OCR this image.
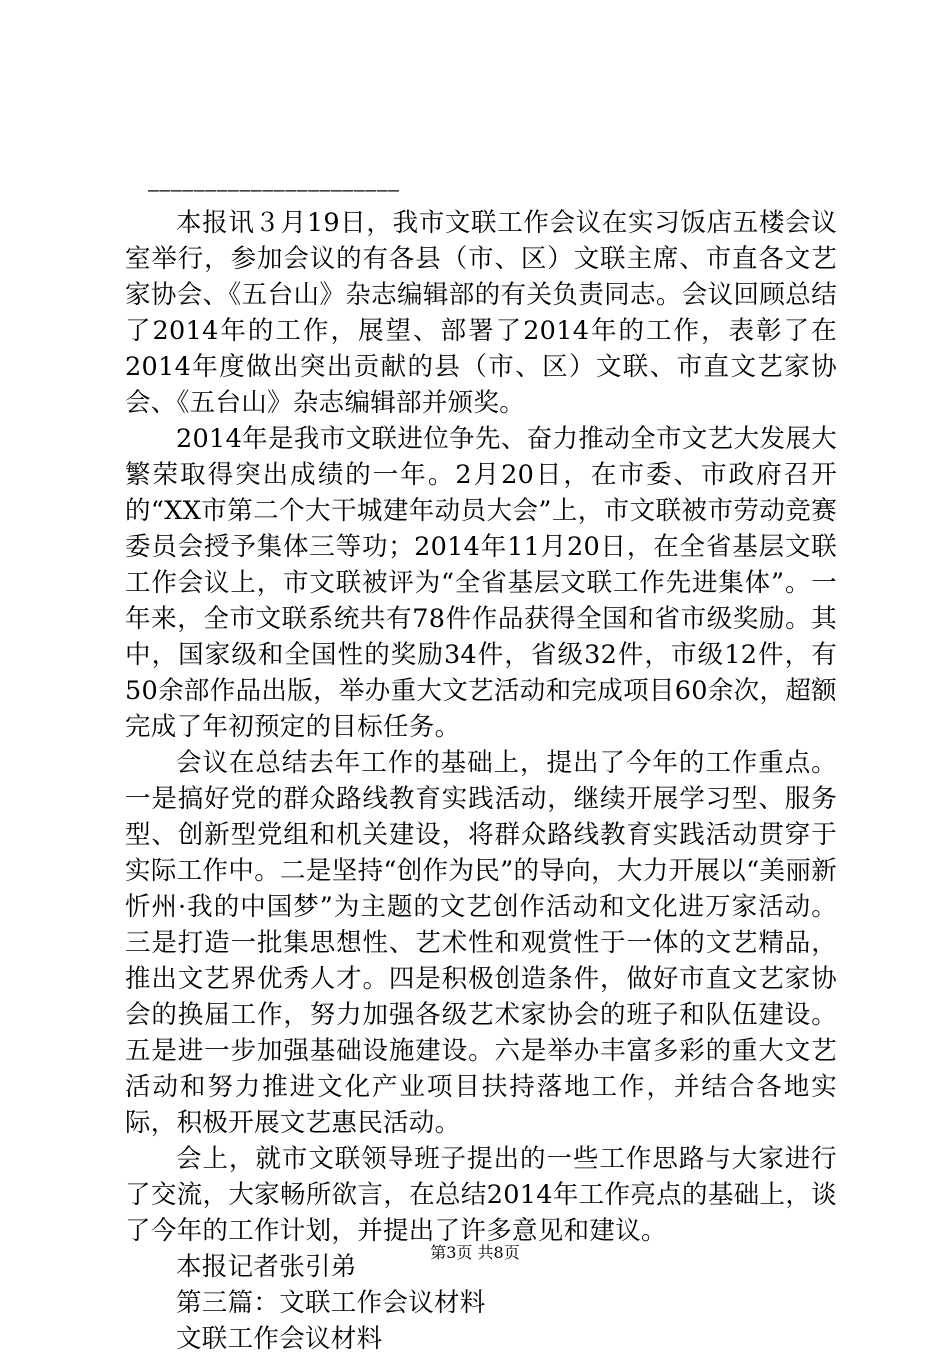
——————————————————————

本报讯３月19日，我市文联工作会议在实习饭店五楼会议室举行，参加会议的有各县（市、区）文联主席、市直各文艺家协会、《五台山》杂志编辑部的有关负责同志。会议回顾总结了2014年的工作，展望、部署了2014年的工作，表彰了在2014年度做出突出贡献的县（市、区）文联、市直文艺家协会、《五台山》杂志编辑部并颁奖。

2014年是我市文联进位争先、奋力推动全市文艺大发展大繁荣取得突出成绩的一年。2月20日，在市委、市政府召开的“XX市第二个大干城建年动员大会”上，市文联被市劳动竞赛委员会授予集体三等功；2014年11月20日，在全省基层文联工作会议上，市文联被评为“全省基层文联工作先进集体”。一年来，全市文联系统共有78件作品获得全国和省市级奖励。其中，国家级和全国性的奖励34件，省级32件，市级12件，有50余部作品出版，举办重大文艺活动和完成项目60余次，超额完成了年初预定的目标任务。

会议在总结去年工作的基础上，提出了今年的工作重点。一是搞好党的群众路线教育实践活动，继续开展学习型、服务型、创新型党组和机关建设，将群众路线教育实践活动贯穿于实际工作中。二是坚持“创作为民”的导向，大力开展以“美丽新忻州·我的中国梦”为主题的文艺创作活动和文化进万家活动。三是打造一批集思想性、艺术性和观赏性于一体的文艺精品，推出文艺界优秀人才。四是积极创造条件，做好市直文艺家协会的换届工作，努力加强各级艺术家协会的班子和队伍建设。五是进一步加强基础设施建设。六是举办丰富多彩的重大文艺活动和努力推进文化产业项目扶持落地工作，并结合各地实际，积极开展文艺惠民活动。

会上，就市文联领导班子提出的一些工作思路与大家进行了交流，大家畅所欲言，在总结2014年工作亮点的基础上，谈了今年的工作计划，并提出了许多意见和建议。

本报记者张引弟

第三篇：文联工作会议材料

文联工作会议材料

第3页 共8页
